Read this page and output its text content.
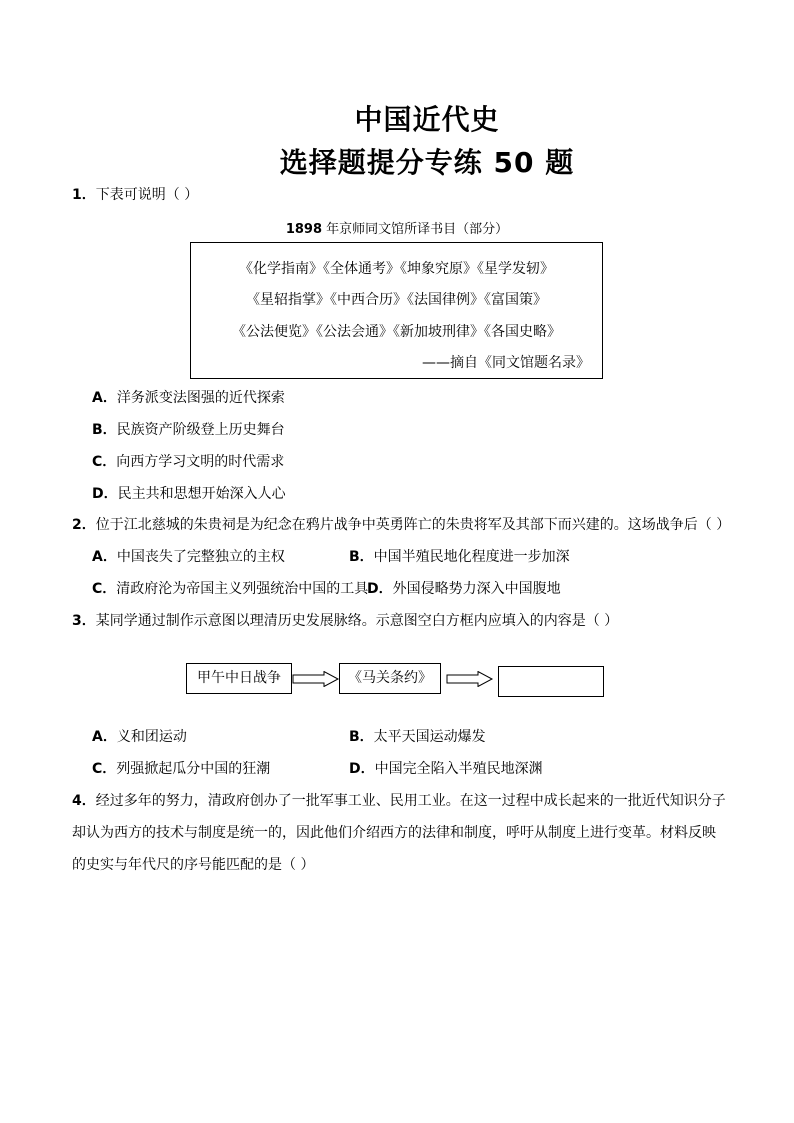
中国近代史
选择题提分专练 50 题
1．下表可说明（ ）
1898 年京师同文馆所译书目（部分）
《化学指南》《全体通考》《坤象究原》《星学发轫》
《星轺指掌》《中西合历》《法国律例》《富国策》
《公法便览》《公法会通》《新加坡刑律》《各国史略》
——摘自《同文馆题名录》
A．洋务派变法图强的近代探索
B．民族资产阶级登上历史舞台
C．向西方学习文明的时代需求
D．民主共和思想开始深入人心
2．位于江北慈城的朱贵祠是为纪念在鸦片战争中英勇阵亡的朱贵将军及其部下而兴建的。这场战争后（ ）
A．中国丧失了完整独立的主权	B．中国半殖民地化程度进一步加深
C．清政府沦为帝国主义列强统治中国的工具
D．外国侵略势力深入中国腹地
3．某同学通过制作示意图以理清历史发展脉络。示意图空白方框内应填入的内容是（ ）
甲午中日战争	《马关条约》
A．义和团运动	B．太平天国运动爆发
C．列强掀起瓜分中国的狂潮	D．中国完全陷入半殖民地深渊
4．经过多年的努力，清政府创办了一批军事工业、民用工业。在这一过程中成长起来的一批近代知识分子
却认为西方的技术与制度是统一的，因此他们介绍西方的法律和制度，呼吁从制度上进行变革。材料反映
的史实与年代尺的序号能匹配的是（ ）
